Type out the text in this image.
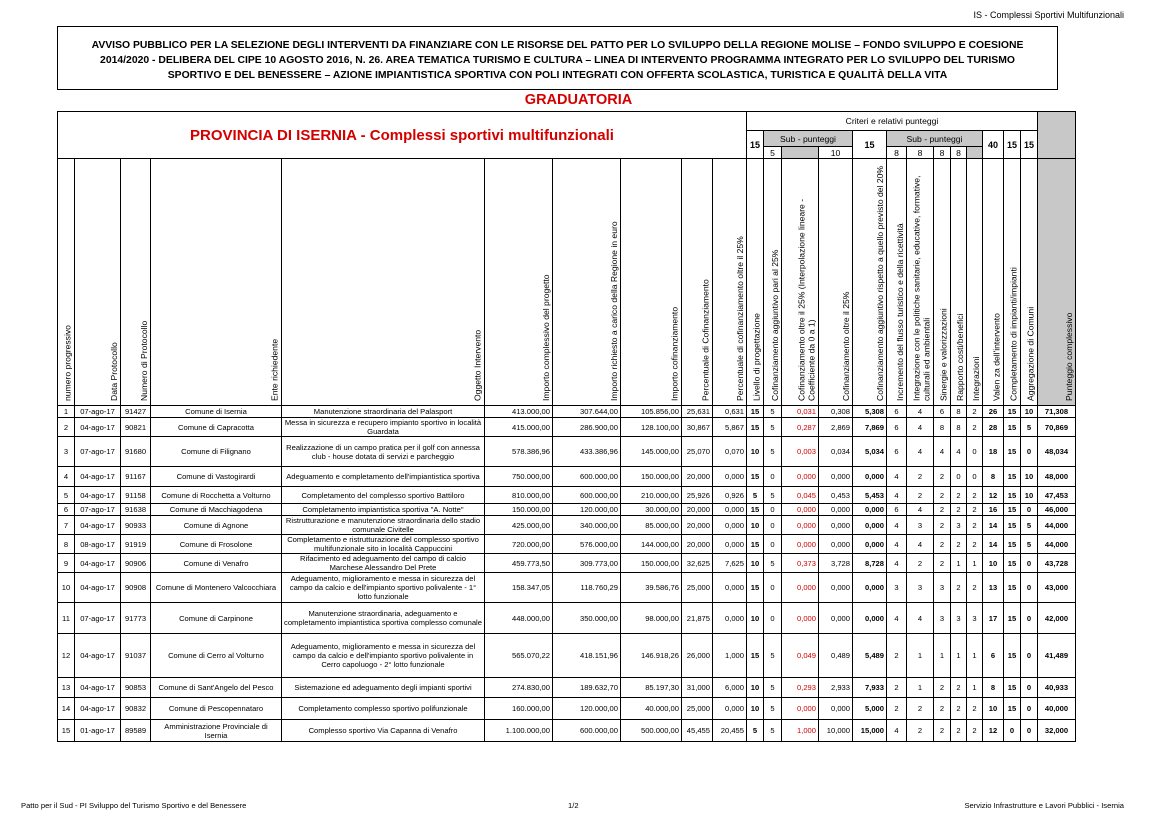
IS - Complessi Sportivi Multifunzionali
AVVISO PUBBLICO PER LA SELEZIONE DEGLI INTERVENTI DA FINANZIARE CON LE RISORSE DEL PATTO PER LO SVILUPPO DELLA REGIONE MOLISE – FONDO SVILUPPO E COESIONE
2014/2020 - DELIBERA DEL CIPE 10 AGOSTO 2016, N. 26. AREA TEMATICA TURISMO E CULTURA – LINEA DI INTERVENTO PROGRAMMA INTEGRATO PER LO SVILUPPO DEL TURISMO
SPORTIVO E DEL BENESSERE – AZIONE IMPIANTISTICA SPORTIVA CON POLI INTEGRATI CON OFFERTA SCOLASTICA, TURISTICA E QUALITÀ DELLA VITA
GRADUATORIA
PROVINCIA DI ISERNIA - Complessi sportivi multifunzionali										Criteri e relativi punteggi													
										15	Sub - punteggi			15	Sub - punteggi					40	15	15	
											5		10		8	8	8	8					

numero progressivo	Data Protocollo	Numero di Protocollo	Ente richiedente	Oggetto Intervento	Importo complessivo del progetto	Importo richiesto a carico della Regione in euro	Importo cofinanziamento	Percentuale di Cofinanziamento	Percentuale di cofinanziamento oltre il 25%	Livello di progettazione	Cofinanziamento aggiuntivo pari al 25%	Cofinanziamento oltre il 25% (Interpolazione lineare - Coefficiente da 0 a 1)	Cofinanziamento oltre il 25%	Cofinanziamento aggiuntivo rispetto a quello previsto del 20%	Incremento del flusso turistico e della ricettività	Integrazione con le politiche sanitarie, educative, formative, culturali ed ambientali	Sinergie e valorizzazioni	Rapporto costi/benefici	Integrazioni	Valen za dell'intervento	Completamento di impianti/impianti	Aggregazione di Comuni	Punteggio complessivo

1	07-ago-17	91427	Comune di Isernia	Manutenzione straordinaria del Palasport	413.000,00	307.644,00	105.856,00	25,631	0,631	15	5	0,031	0,308	5,308	6	4	6	8	2	26	15	10	71,308
2	04-ago-17	90821	Comune di Capracotta	Messa in sicurezza e recupero impianto sportivo in località Guardata	415.000,00	286.900,00	128.100,00	30,867	5,867	15	5	0,287	2,869	7,869	6	4	8	8	2	28	15	5	70,869
3	07-ago-17	91680	Comune di Filignano	Realizzazione di un campo pratica per il golf con annessa club - house dotata di servizi e parcheggio	578.386,96	433.386,96	145.000,00	25,070	0,070	10	5	0,003	0,034	5,034	6	4	4	4	0	18	15	0	48,034
4	04-ago-17	91167	Comune di Vastogirardi	Adeguamento e completamento dell'impiantistica sportiva	750.000,00	600.000,00	150.000,00	20,000	0,000	15	0	0,000	0,000	0,000	4	2	2	0	0	8	15	10	48,000
5	04-ago-17	91158	Comune di Rocchetta a Volturno	Completamento del complesso sportivo Battiloro	810.000,00	600.000,00	210.000,00	25,926	0,926	5	5	0,045	0,453	5,453	4	2	2	2	2	12	15	10	47,453
6	07-ago-17	91638	Comune di Macchiagodena	Completamento impiantistica sportiva "A. Notte"	150.000,00	120.000,00	30.000,00	20,000	0,000	15	0	0,000	0,000	0,000	6	4	2	2	2	16	15	0	46,000
7	04-ago-17	90933	Comune di Agnone	Ristrutturazione e manutenzione straordinaria dello stadio comunale Civitelle	425.000,00	340.000,00	85.000,00	20,000	0,000	10	0	0,000	0,000	0,000	4	3	2	3	2	14	15	5	44,000
8	08-ago-17	91919	Comune di Frosolone	Completamento e ristrutturazione del complesso sportivo multifunzionale sito in località Cappuccini	720.000,00	576.000,00	144.000,00	20,000	0,000	15	0	0,000	0,000	0,000	4	4	2	2	2	14	15	5	44,000
9	04-ago-17	90906	Comune di Venafro	Rifacimento ed adeguamento del campo di calcio Marchese Alessandro Del Prete	459.773,50	309.773,00	150.000,00	32,625	7,625	10	5	0,373	3,728	8,728	4	2	2	1	1	10	15	0	43,728
10	04-ago-17	90908	Comune di Montenero Valcocchiara	Adeguamento, miglioramento e messa in sicurezza del campo da calcio e dell'impianto sportivo polivalente - 1° lotto funzionale	158.347,05	118.760,29	39.586,76	25,000	0,000	15	0	0,000	0,000	0,000	3	3	3	2	2	13	15	0	43,000
11	07-ago-17	91773	Comune di Carpinone	Manutenzione straordinaria, adeguamento e completamento impiantistica sportiva complesso comunale	448.000,00	350.000,00	98.000,00	21,875	0,000	10	0	0,000	0,000	0,000	4	4	3	3	3	17	15	0	42,000
12	04-ago-17	91037	Comune di Cerro al Volturno	Adeguamento, miglioramento e messa in sicurezza del campo da calcio e dell'impianto sportivo polivalente in Cerro capoluogo - 2° lotto funzionale	565.070,22	418.151,96	146.918,26	26,000	1,000	15	5	0,049	0,489	5,489	2	1	1	1	1	6	15	0	41,489
13	04-ago-17	90853	Comune di Sant'Angelo del Pesco	Sistemazione ed adeguamento degli impianti sportivi	274.830,00	189.632,70	85.197,30	31,000	6,000	10	5	0,293	2,933	7,933	2	1	2	2	1	8	15	0	40,933
14	04-ago-17	90832	Comune di Pescopennataro	Completamento complesso sportivo polifunzionale	160.000,00	120.000,00	40.000,00	25,000	0,000	10	5	0,000	0,000	5,000	2	2	2	2	2	10	15	0	40,000
15	01-ago-17	89589	Amministrazione Provinciale di Isernia	Complesso sportivo Via Capanna di Venafro	1.100.000,00	600.000,00	500.000,00	45,455	20,455	5	5	1,000	10,000	15,000	4	2	2	2	2	12	0	0	32,000
Patto per il Sud - PI Sviluppo del Turismo Sportivo e del Benessere	1/2	Servizio Infrastrutture e Lavori Pubblici - Isernia
